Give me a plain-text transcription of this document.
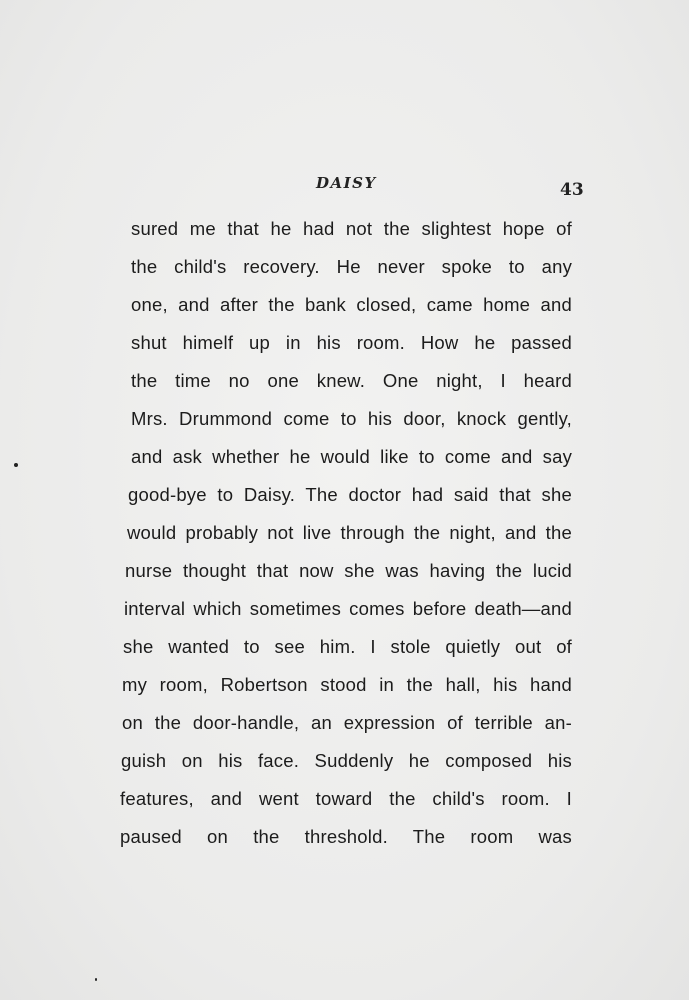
DAISY	43
sured me that he had not the slightest hope of
the child's recovery. He never spoke to any
one, and after the bank closed, came home and
shut himelf up in his room. How he passed
the time no one knew. One night, I heard
Mrs. Drummond come to his door, knock gently,
and ask whether he would like to come and say
good-bye to Daisy. The doctor had said that she
would probably not live through the night, and the
nurse thought that now she was having the lucid
interval which sometimes comes before death—and
she wanted to see him. I stole quietly out of
my room, Robertson stood in the hall, his hand
on the door-handle, an expression of terrible an-
guish on his face. Suddenly he composed his
features, and went toward the child's room. I
paused on the threshold. The room was
